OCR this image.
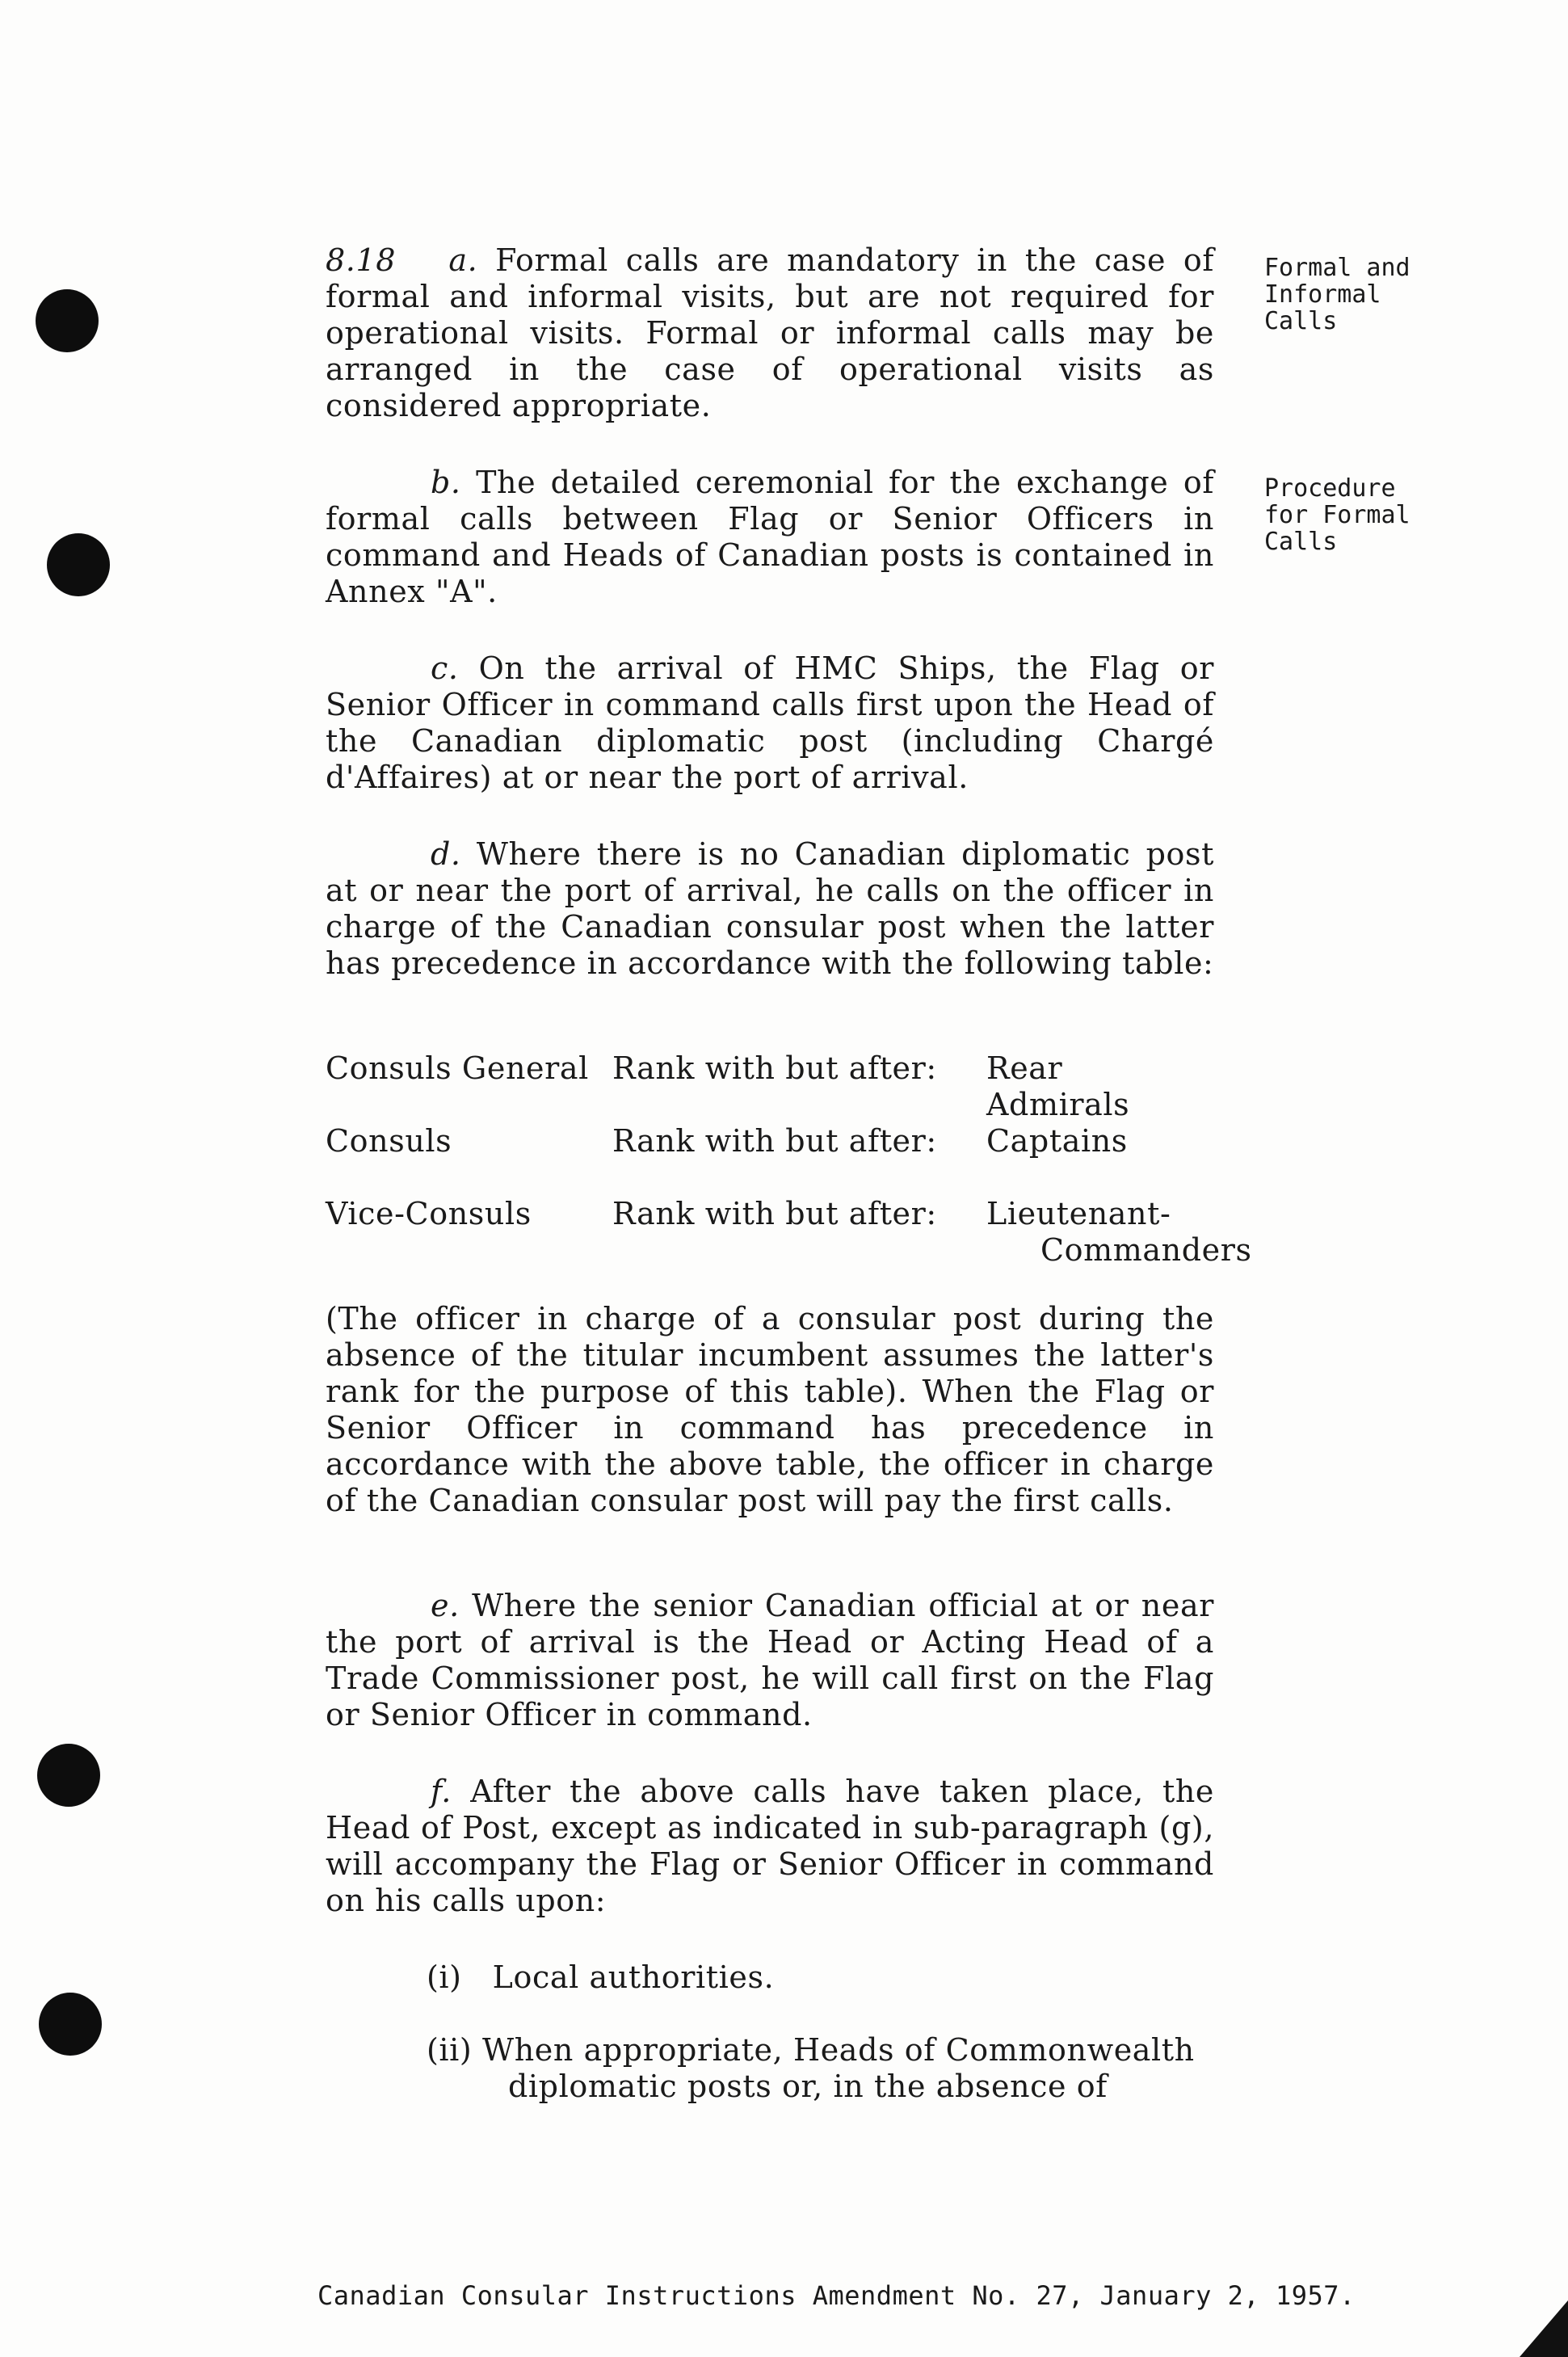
Formal and Informal Calls
Procedure for Formal Calls
8.18 a. Formal calls are mandatory in the case of formal and informal visits, but are not required for operational visits. Formal or informal calls may be arranged in the case of operational visits as considered appropriate.
b. The detailed ceremonial for the exchange of formal calls between Flag or Senior Officers in command and Heads of Canadian posts is contained in Annex "A".
c. On the arrival of HMC Ships, the Flag or Senior Officer in command calls first upon the Head of the Canadian diplomatic post (including Chargé d'Affaires) at or near the port of arrival.
d. Where there is no Canadian diplomatic post at or near the port of arrival, he calls on the officer in charge of the Canadian consular post when the latter has precedence in accordance with the following table:
Consuls General Rank with but after: Rear Admirals
Consuls	Rank with but after: Captains
Vice-Consuls	Rank with but after: Lieutenant-
Commanders
(The officer in charge of a consular post during the absence of the titular incumbent assumes the latter's rank for the purpose of this table). When the Flag or Senior Officer in command has precedence in accordance with the above table, the officer in charge of the Canadian consular post will pay the first calls.
e. Where the senior Canadian official at or near the port of arrival is the Head or Acting Head of a Trade Commissioner post, he will call first on the Flag or Senior Officer in command.
f. After the above calls have taken place, the Head of Post, except as indicated in sub-paragraph (g), will accompany the Flag or Senior Officer in command on his calls upon:
(i) Local authorities.
(ii) When appropriate, Heads of Commonwealth
diplomatic posts or, in the absence of
Canadian Consular Instructions Amendment No. 27, January 2, 1957.
